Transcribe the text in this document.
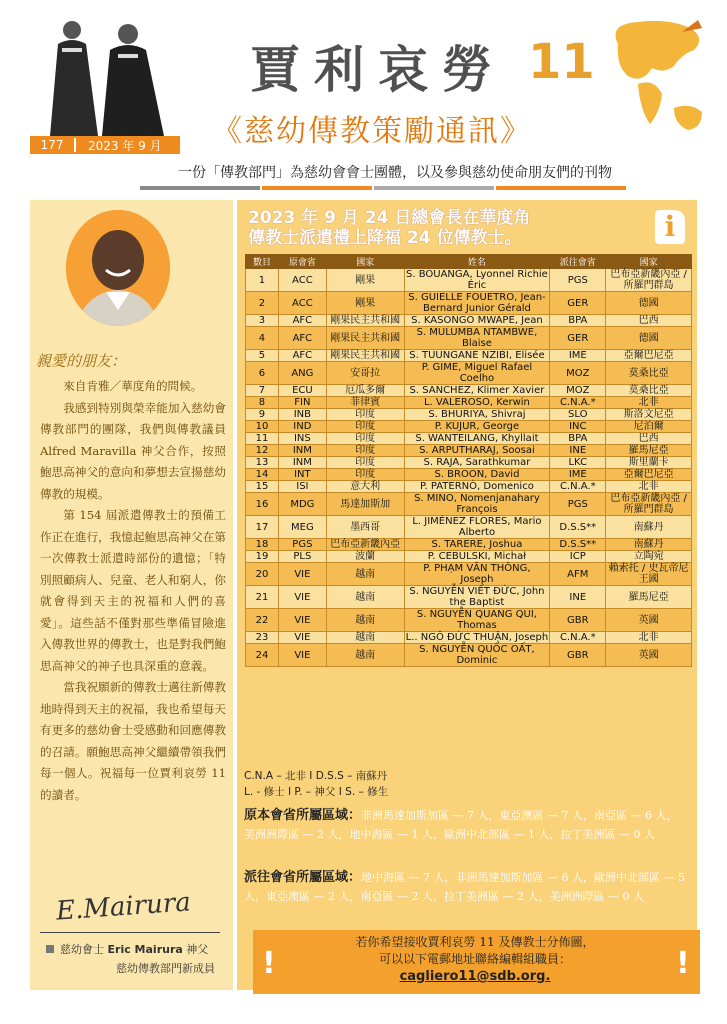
177	2023 年 9 月
賈利哀勞 11
《慈幼傳教策勵通訊》
一份「傳教部門」為慈幼會會士團體，以及參與慈幼使命朋友們的刊物
親愛的朋友：

來自肯雅／華度角的問候。

我感到特別與榮幸能加入慈幼會傳教部門的團隊，我們與傳教議員 Alfred Maravilla 神父合作，按照鮑思高神父的意向和夢想去宣揚慈幼傳教的規模。

第 154 屆派遣傳教士的預備工作正在進行，我憶起鮑思高神父在第一次傳教士派遣時部份的遺憶；「特別照顧病人、兒童、老人和窮人，你就會得到天主的祝福和人們的喜愛」。這些話不僅對那些準備冒險進入傳教世界的傳教士，也是對我們鮑思高神父的神子也具深重的意義。

當我祝願新的傳教士邁往新傳教地時得到天主的祝福，我也希望每天有更多的慈幼會士受感動和回應傳教的召請。願鮑思高神父繼續帶領我們每一個人。祝福每一位賈利哀勞 11 的讀者。

E.Mairura
慈幼會士 Eric Mairura 神父
慈幼傳教部門新成員
2023 年 9 月 24 日總會長在華度角
傳教士派遣禮上降福 24 位傳教士。	i
數目	原會省	國家	姓名	派往會省	國家
1	ACC	剛果	S. BOUANGA, Lyonnel Richie Éric	PGS	巴布亞新畿內亞 / 所羅門群島
2	ACC	剛果	S. GUIELLE FOUETRO, Jean-Bernard Junior Gérald	GER	德國
3	AFC	剛果民主共和國	S. KASONGO MWAPE, Jean	BPA	巴西
4	AFC	剛果民主共和國	S. MULUMBA NTAMBWE, Blaise	GER	德國
5	AFC	剛果民主共和國	S. TUUNGANE NZIBI, Elisée	IME	亞爾巴尼亞
6	ANG	安哥拉	P. GIME, Miguel Rafael Coelho	MOZ	莫桑比亞
7	ECU	厄瓜多爾	S. SANCHEZ, Klimer Xavier	MOZ	莫桑比亞
8	FIN	菲律賓	L. VALEROSO, Kerwin	C.N.A.*	北非
9	INB	印度	S. BHURIYA, Shivraj	SLO	斯洛文尼亞
10	IND	印度	P. KUJUR, George	INC	尼泊爾
11	INS	印度	S. WANTEILANG, Khyllait	BPA	巴西
12	INM	印度	S. ARPUTHARAJ, Soosai	INE	羅馬尼亞
13	INM	印度	S. RAJA, Sarathkumar	LKC	斯里蘭卡
14	INT	印度	S. BROON, David	IME	亞爾巴尼亞
15	ISI	意大利	P. PATERNÒ, Domenico	C.N.A.*	北非
16	MDG	馬達加斯加	S. MINO, Nomenjanahary François	PGS	巴布亞新畿內亞 / 所羅門群島
17	MEG	墨西哥	L. JIMÉNEZ FLORES, Mario Alberto	D.S.S**	南蘇丹
18	PGS	巴布亞新畿內亞	S. TARERE, Joshua	D.S.S**	南蘇丹
19	PLS	波蘭	P. CEBULSKI, Michał	ICP	立陶宛
20	VIE	越南	P. PHẠM VĂN THÔNG, Joseph	AFM	賴索托 / 史瓦帝尼王國
21	VIE	越南	S. NGUYỄN VIẾT ĐỨC, John the Baptist	INE	羅馬尼亞
22	VIE	越南	S. NGUYỄN QUANG QUI, Thomas	GBR	英國
23	VIE	越南	L.. NGÔ ĐỨC THUẬN, Joseph	C.N.A.*	北非
24	VIE	越南	S. NGUYỄN QUỐC OẤT, Dominic	GBR	英國
C.N.A – 北非 I D.S.S – 南蘇丹
L. - 修士 I P. – 神父 I S. – 修生
原本會省所屬區域：非洲馬達加斯加區 — 7 人，東亞澳區 — 7 人，南亞區 — 6 人，美洲洲際區 — 2 人，地中海區 — 1 人，歐洲中北部區 — 1 人，拉丁美洲區 — 0 人
派往會省所屬區域：地中海區 — 7 人，非洲馬達加斯加區 — 6 人，歐洲中北部區 — 5 人，東亞澳區 — 2 人，南亞區 — 2 人，拉丁美洲區 — 2 人，美洲洲際區 — 0 人
!	!
若你希望接收賈利哀勞 11 及傳教士分佈圖，
可以以下電郵地址聯絡編輯組職員：
cagliero11@sdb.org.
